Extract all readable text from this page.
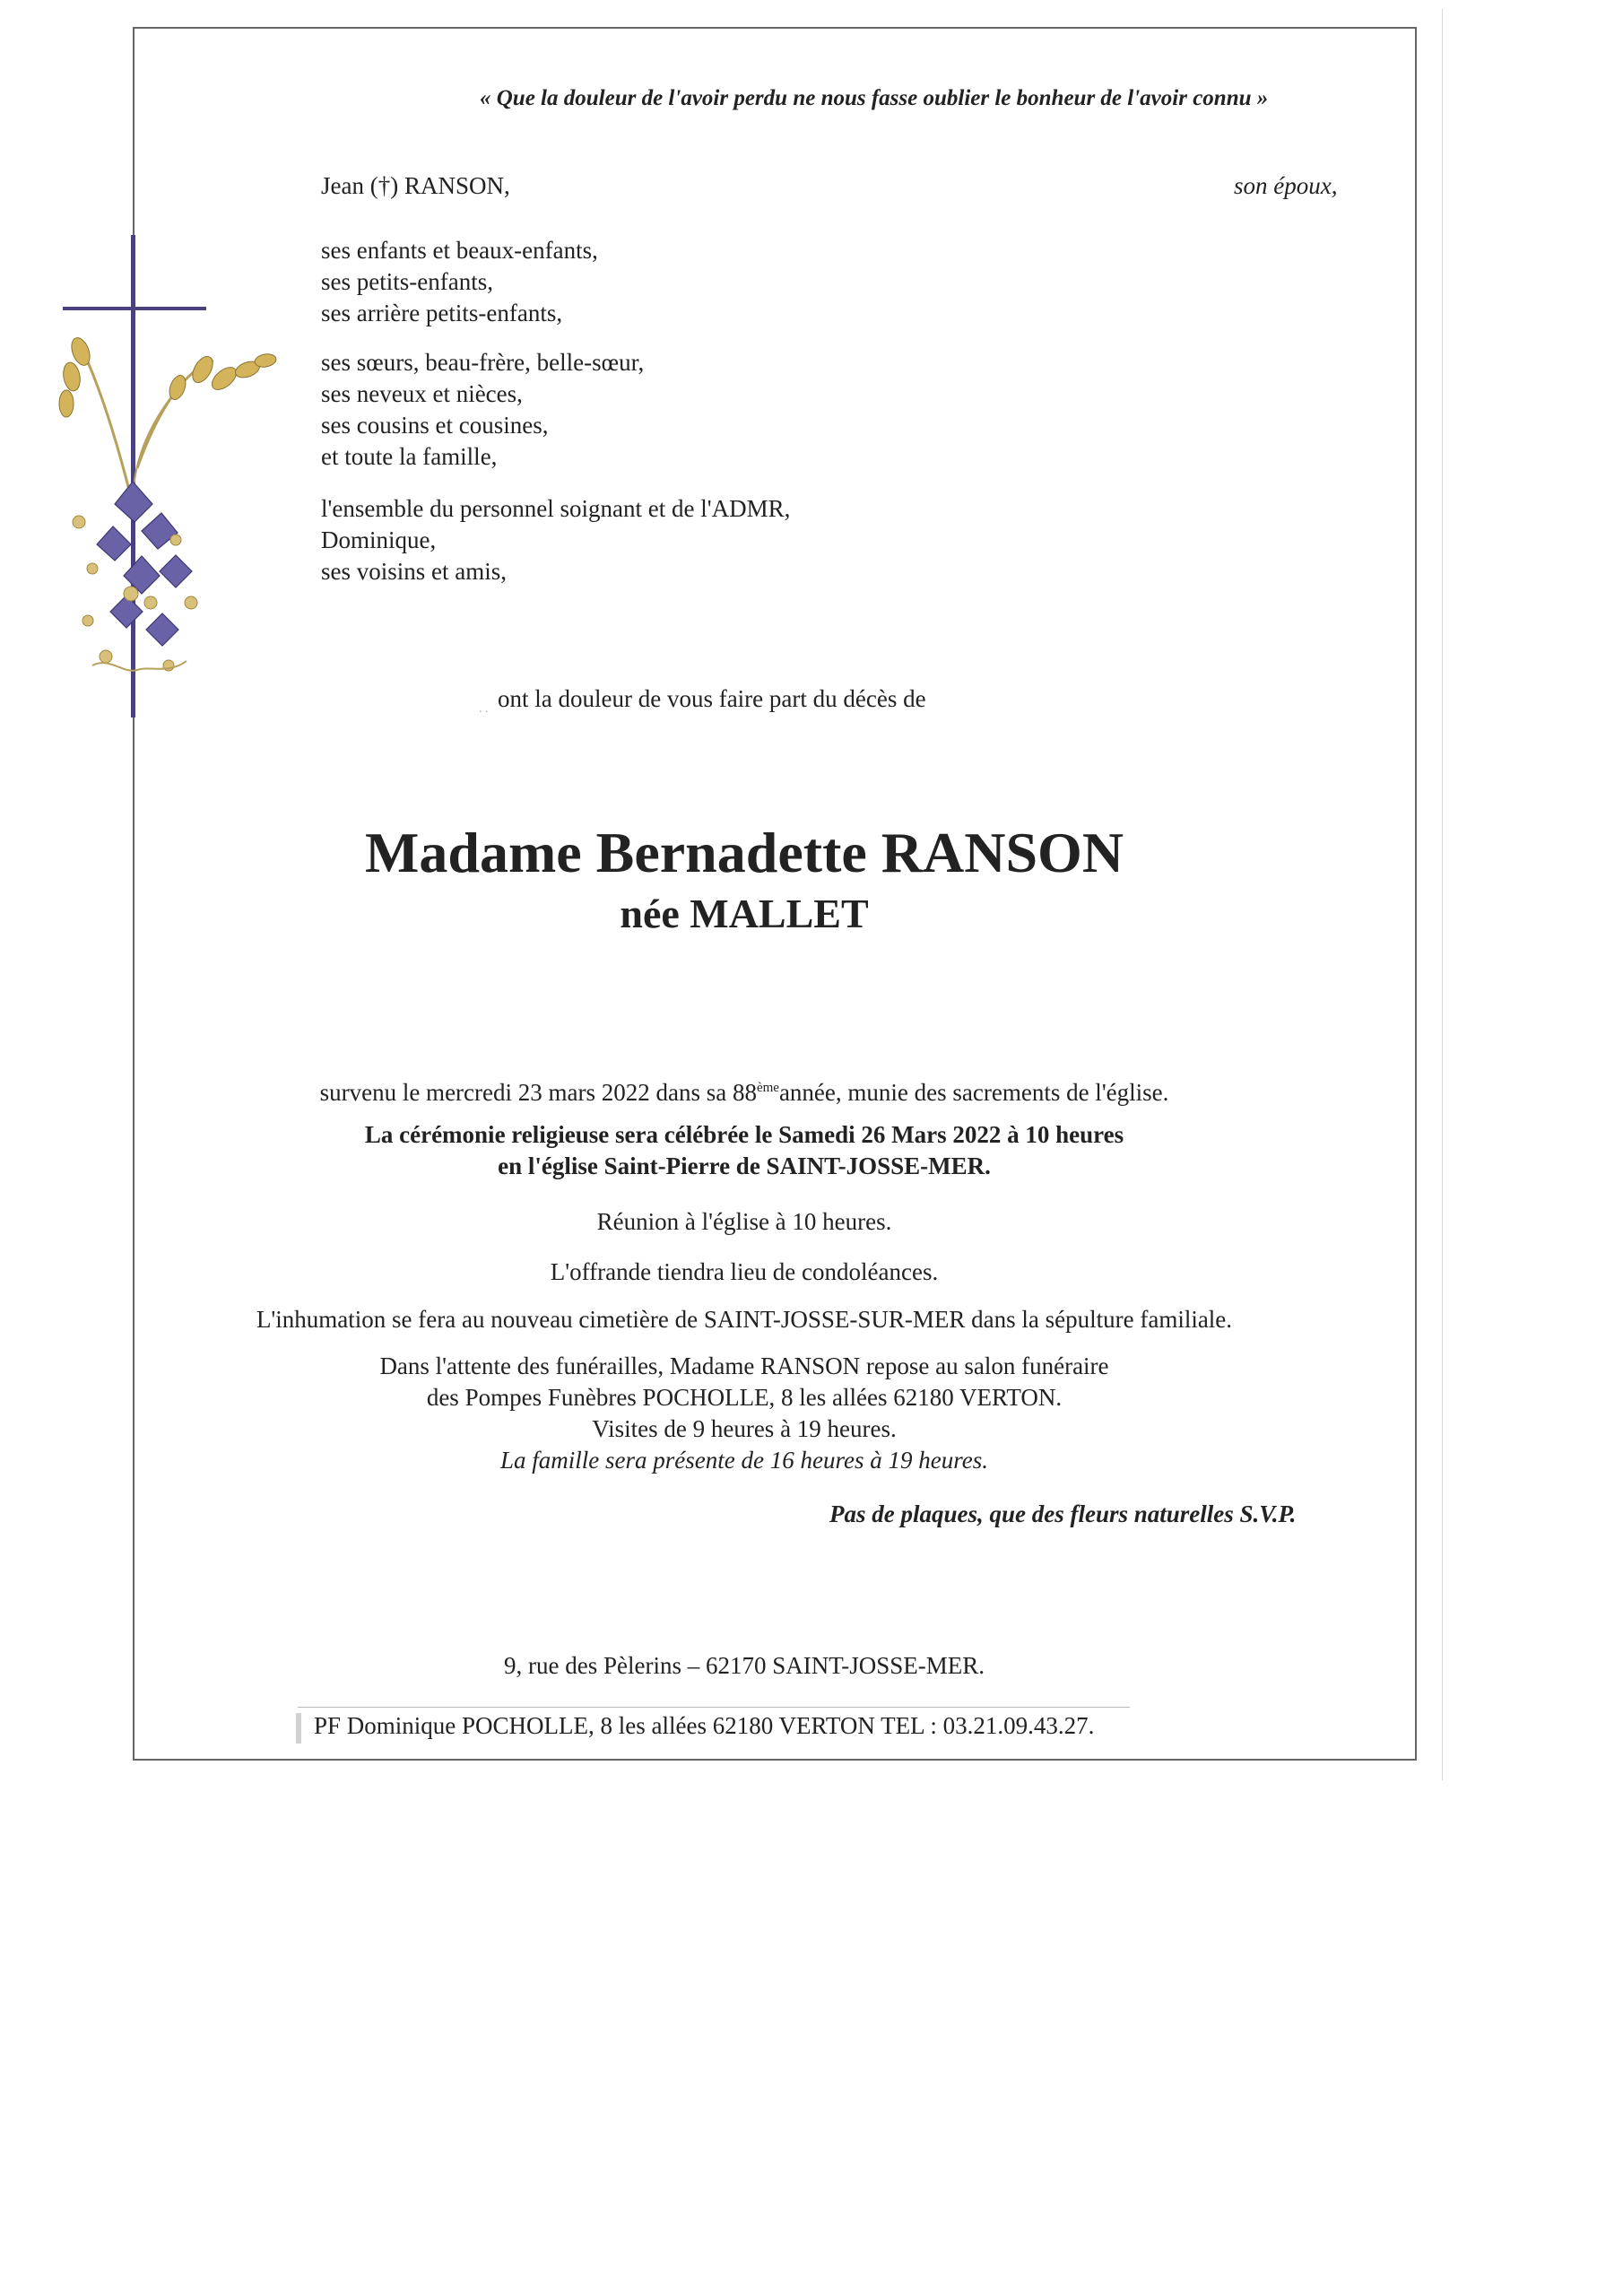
« Que la douleur de l'avoir perdu ne nous fasse oublier le bonheur de l'avoir connu »
Jean (†) RANSON,	son époux,
ses enfants et beaux-enfants,
ses petits-enfants,
ses arrière petits-enfants,
ses sœurs, beau-frère, belle-sœur,
ses neveux et nièces,
ses cousins et cousines,
et toute la famille,
l'ensemble du personnel soignant et de l'ADMR,
Dominique,
ses voisins et amis,
. . ont la douleur de vous faire part du décès de
Madame Bernadette RANSON
née MALLET
survenu le mercredi 23 mars 2022 dans sa 88èmeannée, munie des sacrements de l'église.
La cérémonie religieuse sera célébrée le Samedi 26 Mars 2022 à 10 heures
en l'église Saint-Pierre de SAINT-JOSSE-MER.
Réunion à l'église à 10 heures.
L'offrande tiendra lieu de condoléances.
L'inhumation se fera au nouveau cimetière de SAINT-JOSSE-SUR-MER dans la sépulture familiale.
Dans l'attente des funérailles, Madame RANSON repose au salon funéraire
des Pompes Funèbres POCHOLLE, 8 les allées 62180 VERTON.
Visites de 9 heures à 19 heures.
La famille sera présente de 16 heures à 19 heures.
Pas de plaques, que des fleurs naturelles S.V.P.
9, rue des Pèlerins – 62170 SAINT-JOSSE-MER.
PF Dominique POCHOLLE, 8 les allées 62180 VERTON TEL : 03.21.09.43.27.
